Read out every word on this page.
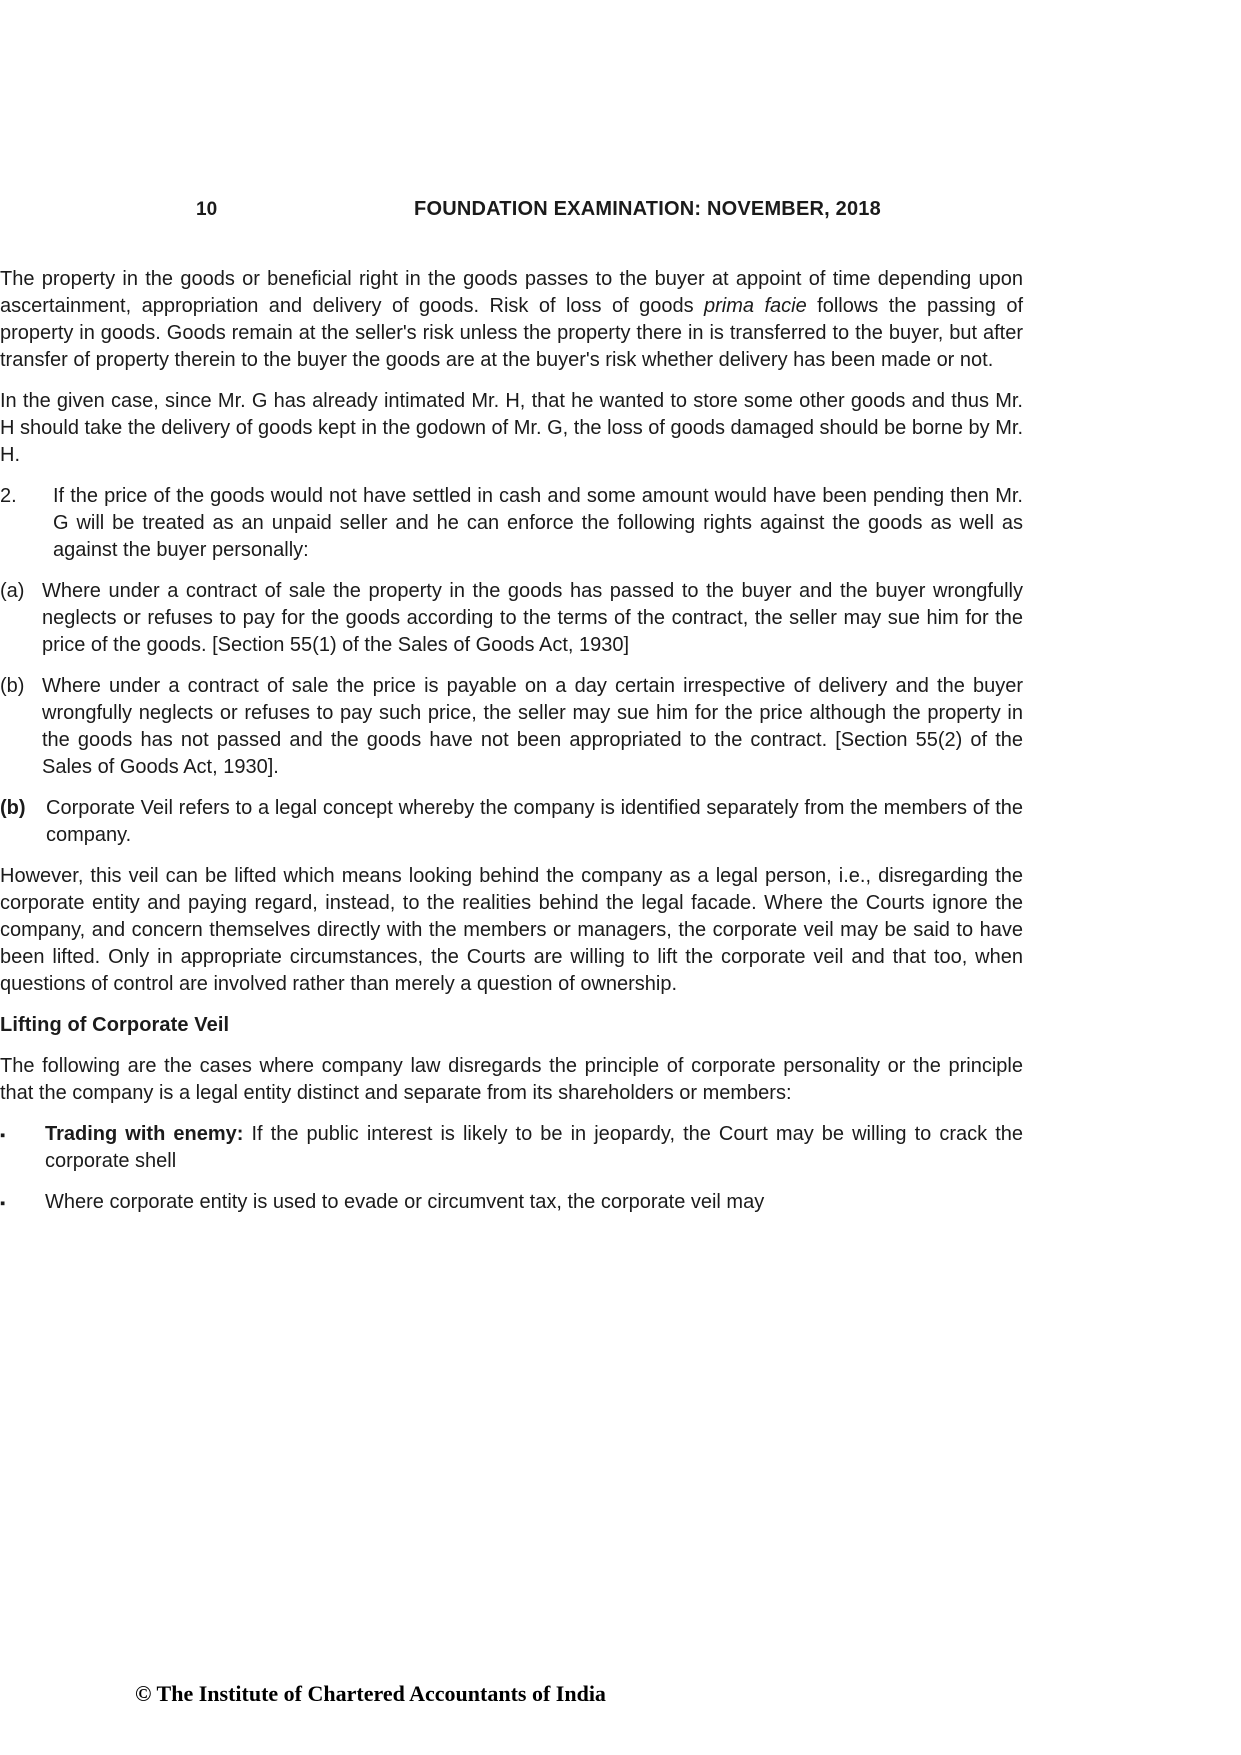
10	FOUNDATION EXAMINATION: NOVEMBER, 2018

The property in the goods or beneficial right in the goods passes to the buyer at appoint of time depending upon ascertainment, appropriation and delivery of goods. Risk of loss of goods prima facie follows the passing of property in goods. Goods remain at the seller's risk unless the property there in is transferred to the buyer, but after transfer of property therein to the buyer the goods are at the buyer's risk whether delivery has been made or not.

In the given case, since Mr. G has already intimated Mr. H, that he wanted to store some other goods and thus Mr. H should take the delivery of goods kept in the godown of Mr. G, the loss of goods damaged should be borne by Mr. H.

2.	If the price of the goods would not have settled in cash and some amount would have been pending then Mr. G will be treated as an unpaid seller and he can enforce the following rights against the goods as well as against the buyer personally:
(a) Where under a contract of sale the property in the goods has passed to the buyer and the buyer wrongfully neglects or refuses to pay for the goods according to the terms of the contract, the seller may sue him for the price of the goods. [Section 55(1) of the Sales of Goods Act, 1930]
(b) Where under a contract of sale the price is payable on a day certain irrespective of delivery and the buyer wrongfully neglects or refuses to pay such price, the seller may sue him for the price although the property in the goods has not passed and the goods have not been appropriated to the contract. [Section 55(2) of the Sales of Goods Act, 1930].
(b)	Corporate Veil refers to a legal concept whereby the company is identified separately from the members of the company.

However, this veil can be lifted which means looking behind the company as a legal person, i.e., disregarding the corporate entity and paying regard, instead, to the realities behind the legal facade. Where the Courts ignore the company, and concern themselves directly with the members or managers, the corporate veil may be said to have been lifted. Only in appropriate circumstances, the Courts are willing to lift the corporate veil and that too, when questions of control are involved rather than merely a question of ownership.

Lifting of Corporate Veil

The following are the cases where company law disregards the principle of corporate personality or the principle that the company is a legal entity distinct and separate from its shareholders or members:

▪	Trading with enemy: If the public interest is likely to be in jeopardy, the Court may be willing to crack the corporate shell
▪	Where corporate entity is used to evade or circumvent tax, the corporate veil may
© The Institute of Chartered Accountants of India
